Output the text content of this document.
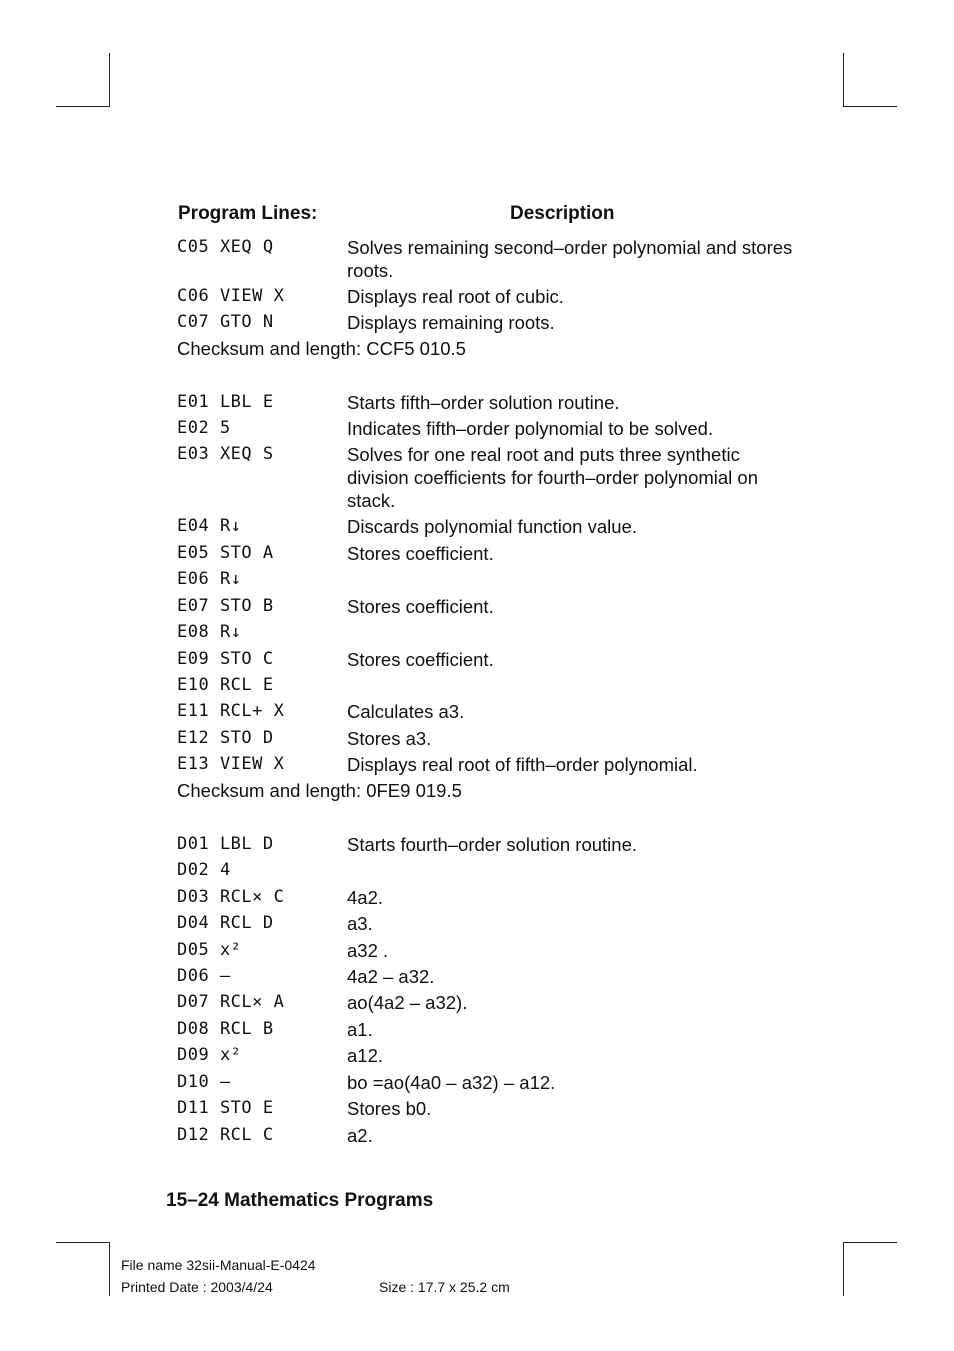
Program Lines:	Description
C05 XEQ Q	Solves remaining second–order polynomial and stores roots.
C06 VIEW X	Displays real root of cubic.
C07 GTO N	Displays remaining roots.
Checksum and length: CCF5 010.5
E01 LBL E	Starts fifth–order solution routine.
E02 5	Indicates fifth–order polynomial to be solved.
E03 XEQ S	Solves for one real root and puts three synthetic division coefficients for fourth–order polynomial on stack.
E04 R↓	Discards polynomial function value.
E05 STO A	Stores coefficient.
E06 R↓
E07 STO B	Stores coefficient.
E08 R↓
E09 STO C	Stores coefficient.
E10 RCL E
E11 RCL+ X	Calculates a3.
E12 STO D	Stores a3.
E13 VIEW X	Displays real root of fifth–order polynomial.
Checksum and length: 0FE9 019.5
D01 LBL D	Starts fourth–order solution routine.
D02 4
D03 RCL× C	4a2.
D04 RCL D	a3.
D05 x²	a32 .
D06 –	4a2 – a32.
D07 RCL× A	ao(4a2 – a32).
D08 RCL B	a1.
D09 x²	a12.
D10 –	bo =ao(4a0 – a32) – a12.
D11 STO E	Stores b0.
D12 RCL C	a2.
15–24 Mathematics Programs
File name 32sii-Manual-E-0424
Printed Date : 2003/4/24	Size : 17.7 x 25.2 cm
